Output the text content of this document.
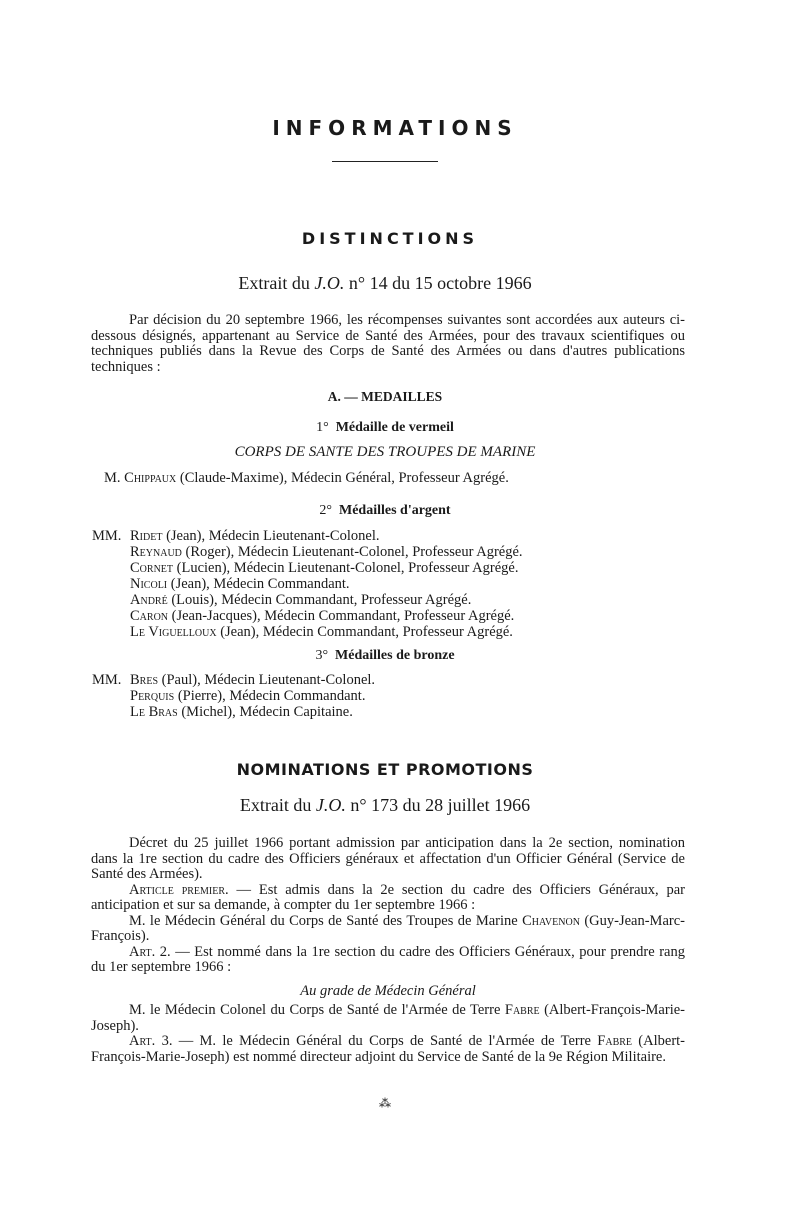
INFORMATIONS
DISTINCTIONS
Extrait du J.O. n° 14 du 15 octobre 1966
Par décision du 20 septembre 1966, les récompenses suivantes sont accordées aux auteurs ci-dessous désignés, appartenant au Service de Santé des Armées, pour des travaux scientifiques ou techniques publiés dans la Revue des Corps de Santé des Armées ou dans d'autres publications techniques :
A. — MEDAILLES
1° Médaille de vermeil
CORPS DE SANTE DES TROUPES DE MARINE
M. Chippaux (Claude-Maxime), Médecin Général, Professeur Agrégé.
2° Médailles d'argent
MM. Ridet (Jean), Médecin Lieutenant-Colonel.
Reynaud (Roger), Médecin Lieutenant-Colonel, Professeur Agrégé.
Cornet (Lucien), Médecin Lieutenant-Colonel, Professeur Agrégé.
Nicoli (Jean), Médecin Commandant.
André (Louis), Médecin Commandant, Professeur Agrégé.
Caron (Jean-Jacques), Médecin Commandant, Professeur Agrégé.
Le Viguelloux (Jean), Médecin Commandant, Professeur Agrégé.
3° Médailles de bronze
MM. Bres (Paul), Médecin Lieutenant-Colonel.
Perquis (Pierre), Médecin Commandant.
Le Bras (Michel), Médecin Capitaine.
NOMINATIONS ET PROMOTIONS
Extrait du J.O. n° 173 du 28 juillet 1966
Décret du 25 juillet 1966 portant admission par anticipation dans la 2e section, nomination dans la 1re section du cadre des Officiers généraux et affectation d'un Officier Général (Service de Santé des Armées).
Article premier. — Est admis dans la 2e section du cadre des Officiers Généraux, par anticipation et sur sa demande, à compter du 1er septembre 1966 :
M. le Médecin Général du Corps de Santé des Troupes de Marine Chavenon (Guy-Jean-Marc-François).
Art. 2. — Est nommé dans la 1re section du cadre des Officiers Généraux, pour prendre rang du 1er septembre 1966 :
Au grade de Médecin Général
M. le Médecin Colonel du Corps de Santé de l'Armée de Terre Fabre (Albert-François-Marie-Joseph).
Art. 3. — M. le Médecin Général du Corps de Santé de l'Armée de Terre Fabre (Albert-François-Marie-Joseph) est nommé directeur adjoint du Service de Santé de la 9e Région Militaire.
⁂
